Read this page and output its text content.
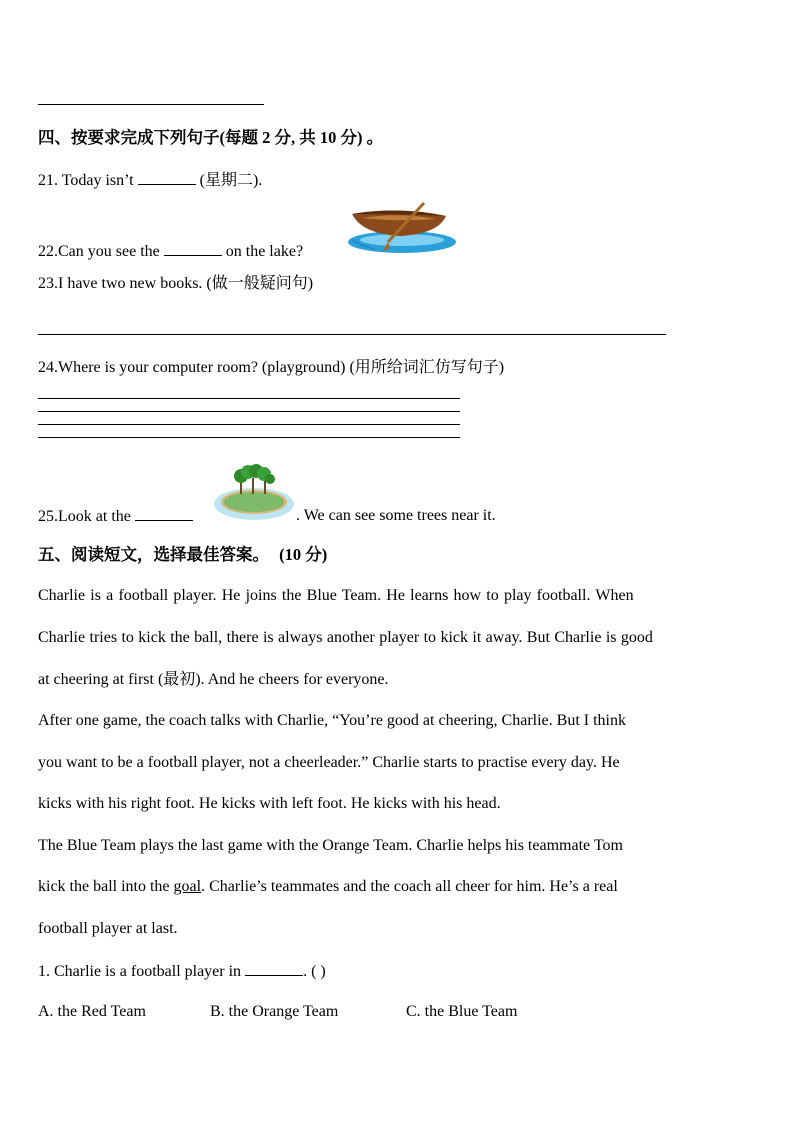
四、按要求完成下列句子(每题 2 分, 共 10 分) 。
21. Today isn’t	(星期二).
22.Can you see the	on the lake?
23.I have two new books. (做一般疑问句)
24.Where is your computer room? (playground) (用所给词汇仿写句子)
25.Look at the	. We can see some trees near it.
五、阅读短文，选择最佳答案。 (10 分)
Charlie is a football player. He joins the Blue Team. He learns how to play football. When
Charlie tries to kick the ball, there is always another player to kick it away. But Charlie is good
at cheering at first (最初). And he cheers for everyone.
After one game, the coach talks with Charlie, “You’re good at cheering, Charlie. But I think
you want to be a football player, not a cheerleader.” Charlie starts to practise every day. He
kicks with his right foot. He kicks with left foot. He kicks with his head.
The Blue Team plays the last game with the Orange Team. Charlie helps his teammate Tom
kick the ball into the goal. Charlie’s teammates and the coach all cheer for him. He’s a real
football player at last.
1. Charlie is a football player in	. ( )
A. the Red Team	B. the Orange Team	C. the Blue Team
